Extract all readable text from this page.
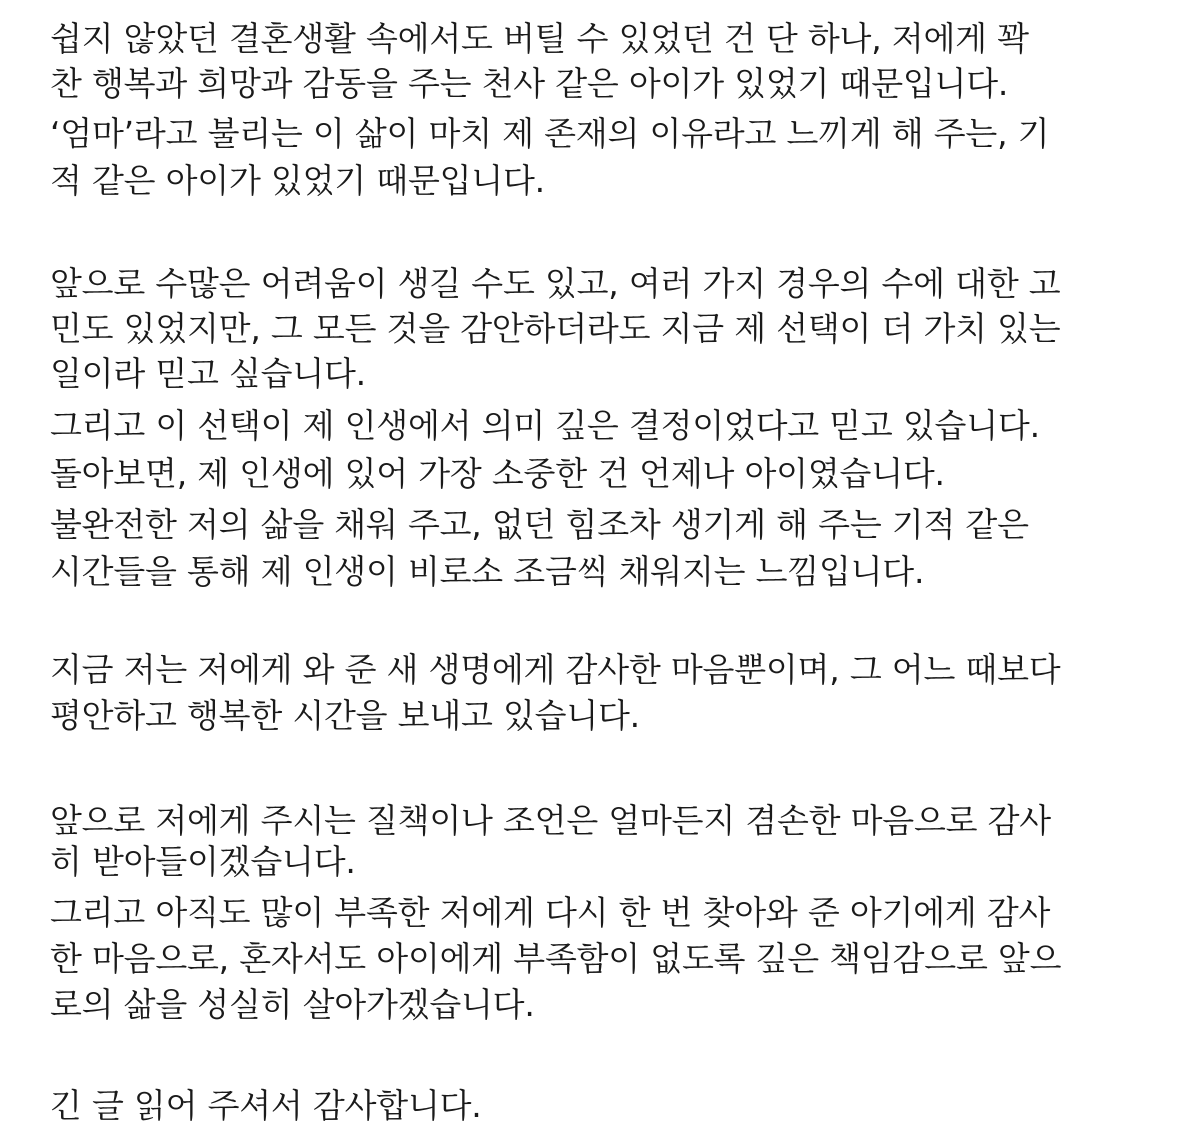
쉽지 않았던 결혼생활 속에서도 버틸 수 있었던 건 단 하나, 저에게 꽉

찬 행복과 희망과 감동을 주는 천사 같은 아이가 있었기 때문입니다.

‘엄마’라고 불리는 이 삶이 마치 제 존재의 이유라고 느끼게 해 주는, 기

적 같은 아이가 있었기 때문입니다.

앞으로 수많은 어려움이 생길 수도 있고, 여러 가지 경우의 수에 대한 고

민도 있었지만, 그 모든 것을 감안하더라도 지금 제 선택이 더 가치 있는

일이라 믿고 싶습니다.

그리고 이 선택이 제 인생에서 의미 깊은 결정이었다고 믿고 있습니다.

돌아보면, 제 인생에 있어 가장 소중한 건 언제나 아이였습니다.

불완전한 저의 삶을 채워 주고, 없던 힘조차 생기게 해 주는 기적 같은

시간들을 통해 제 인생이 비로소 조금씩 채워지는 느낌입니다.

지금 저는 저에게 와 준 새 생명에게 감사한 마음뿐이며, 그 어느 때보다

평안하고 행복한 시간을 보내고 있습니다.

앞으로 저에게 주시는 질책이나 조언은 얼마든지 겸손한 마음으로 감사

히 받아들이겠습니다.

그리고 아직도 많이 부족한 저에게 다시 한 번 찾아와 준 아기에게 감사

한 마음으로, 혼자서도 아이에게 부족함이 없도록 깊은 책임감으로 앞으

로의 삶을 성실히 살아가겠습니다.

긴 글 읽어 주셔서 감사합니다.
